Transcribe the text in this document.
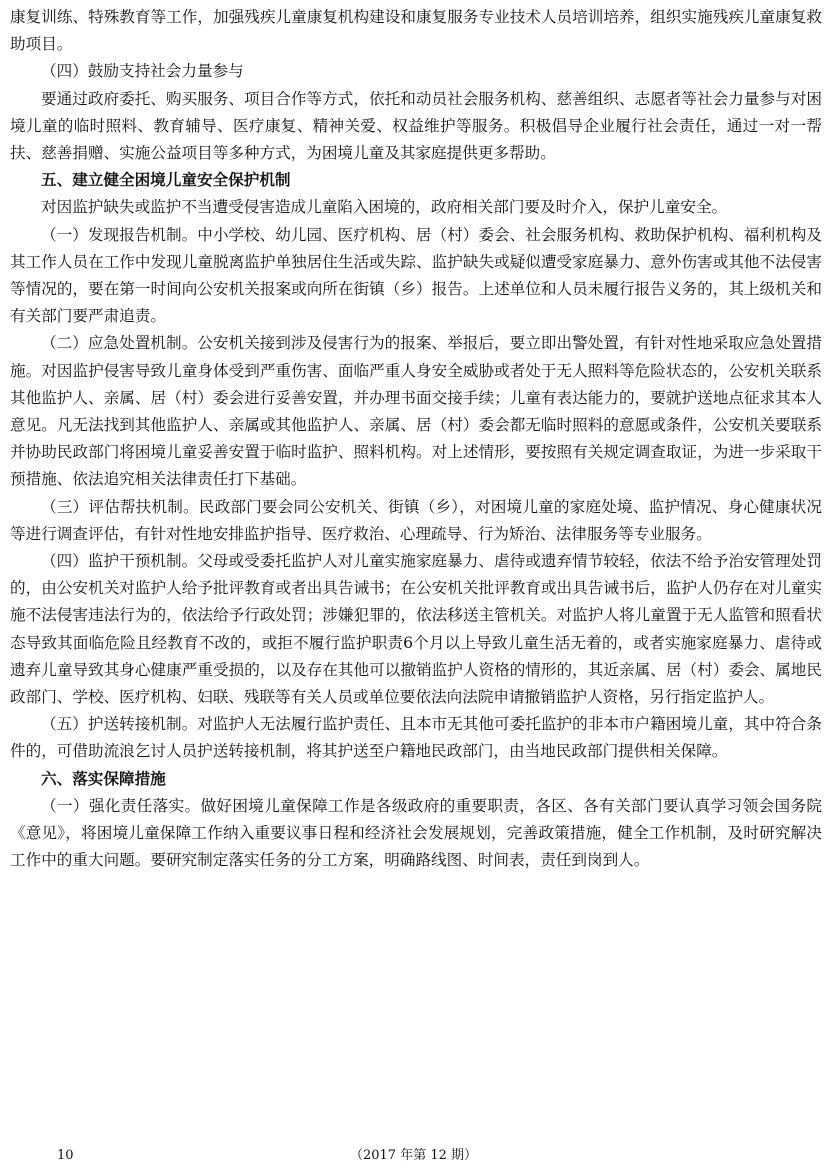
康复训练、特殊教育等工作，加强残疾儿童康复机构建设和康复服务专业技术人员培训培养，组织实施残疾儿童康复救助项目。

（四）鼓励支持社会力量参与

要通过政府委托、购买服务、项目合作等方式，依托和动员社会服务机构、慈善组织、志愿者等社会力量参与对困境儿童的临时照料、教育辅导、医疗康复、精神关爱、权益维护等服务。积极倡导企业履行社会责任，通过一对一帮扶、慈善捐赠、实施公益项目等多种方式，为困境儿童及其家庭提供更多帮助。

五、建立健全困境儿童安全保护机制

对因监护缺失或监护不当遭受侵害造成儿童陷入困境的，政府相关部门要及时介入，保护儿童安全。

（一）发现报告机制。中小学校、幼儿园、医疗机构、居（村）委会、社会服务机构、救助保护机构、福利机构及其工作人员在工作中发现儿童脱离监护单独居住生活或失踪、监护缺失或疑似遭受家庭暴力、意外伤害或其他不法侵害等情况的，要在第一时间向公安机关报案或向所在街镇（乡）报告。上述单位和人员未履行报告义务的，其上级机关和有关部门要严肃追责。

（二）应急处置机制。公安机关接到涉及侵害行为的报案、举报后，要立即出警处置，有针对性地采取应急处置措施。对因监护侵害导致儿童身体受到严重伤害、面临严重人身安全威胁或者处于无人照料等危险状态的，公安机关联系其他监护人、亲属、居（村）委会进行妥善安置，并办理书面交接手续；儿童有表达能力的，要就护送地点征求其本人意见。凡无法找到其他监护人、亲属或其他监护人、亲属、居（村）委会都无临时照料的意愿或条件，公安机关要联系并协助民政部门将困境儿童妥善安置于临时监护、照料机构。对上述情形，要按照有关规定调查取证，为进一步采取干预措施、依法追究相关法律责任打下基础。

（三）评估帮扶机制。民政部门要会同公安机关、街镇（乡），对困境儿童的家庭处境、监护情况、身心健康状况等进行调查评估，有针对性地安排监护指导、医疗救治、心理疏导、行为矫治、法律服务等专业服务。

（四）监护干预机制。父母或受委托监护人对儿童实施家庭暴力、虐待或遗弃情节较轻，依法不给予治安管理处罚的，由公安机关对监护人给予批评教育或者出具告诫书；在公安机关批评教育或出具告诫书后，监护人仍存在对儿童实施不法侵害违法行为的，依法给予行政处罚；涉嫌犯罪的，依法移送主管机关。对监护人将儿童置于无人监管和照看状态导致其面临危险且经教育不改的，或拒不履行监护职责6个月以上导致儿童生活无着的，或者实施家庭暴力、虐待或遗弃儿童导致其身心健康严重受损的，以及存在其他可以撤销监护人资格的情形的，其近亲属、居（村）委会、属地民政部门、学校、医疗机构、妇联、残联等有关人员或单位要依法向法院申请撤销监护人资格，另行指定监护人。

（五）护送转接机制。对监护人无法履行监护责任、且本市无其他可委托监护的非本市户籍困境儿童，其中符合条件的，可借助流浪乞讨人员护送转接机制，将其护送至户籍地民政部门，由当地民政部门提供相关保障。

六、落实保障措施

（一）强化责任落实。做好困境儿童保障工作是各级政府的重要职责，各区、各有关部门要认真学习领会国务院《意见》，将困境儿童保障工作纳入重要议事日程和经济社会发展规划，完善政策措施，健全工作机制，及时研究解决工作中的重大问题。要研究制定落实任务的分工方案，明确路线图、时间表，责任到岗到人。

10	（2017 年第 12 期）
